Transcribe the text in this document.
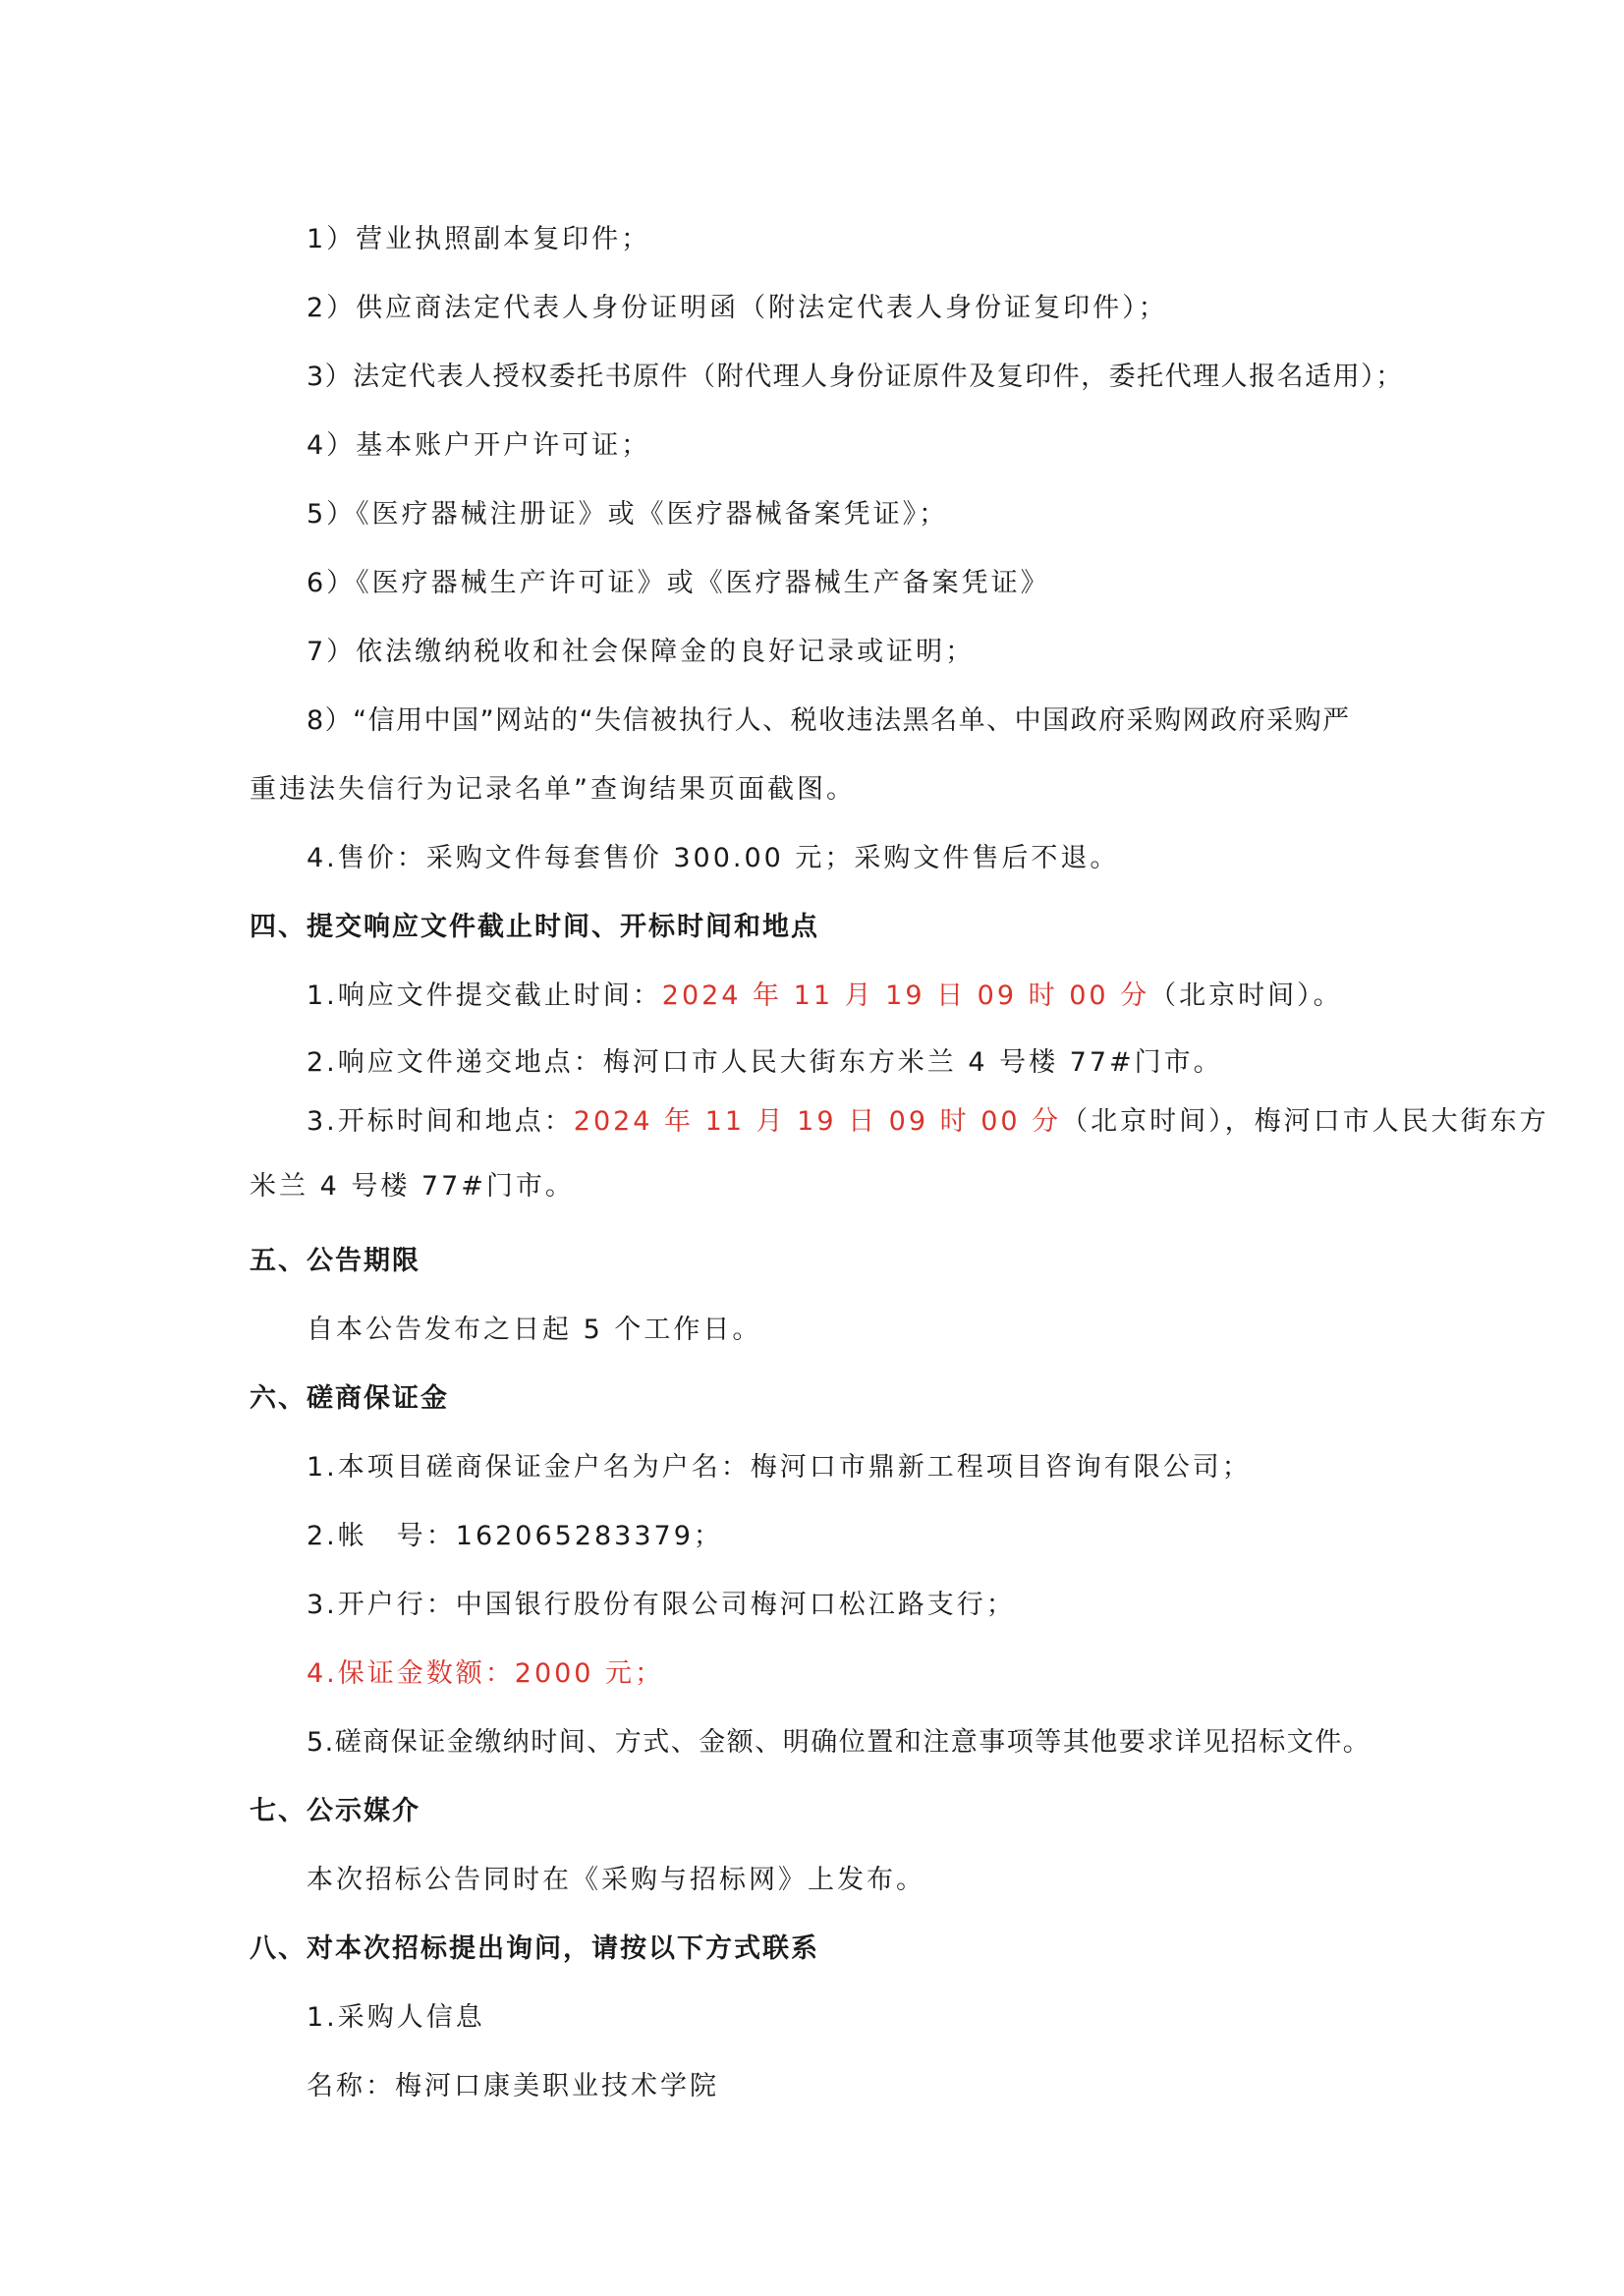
1）营业执照副本复印件；
2）供应商法定代表人身份证明函（附法定代表人身份证复印件）；
3）法定代表人授权委托书原件（附代理人身份证原件及复印件，委托代理人报名适用）；
4）基本账户开户许可证；
5）《医疗器械注册证》或《医疗器械备案凭证》；
6）《医疗器械生产许可证》或《医疗器械生产备案凭证》
7）依法缴纳税收和社会保障金的良好记录或证明；
8）“信用中国”网站的“失信被执行人、税收违法黑名单、中国政府采购网政府采购严
重违法失信行为记录名单”查询结果页面截图。
4.售价：采购文件每套售价 300.00 元；采购文件售后不退。
四、提交响应文件截止时间、开标时间和地点
1.响应文件提交截止时间：2024 年 11 月 19 日 09 时 00 分（北京时间）。
2.响应文件递交地点：梅河口市人民大街东方米兰 4 号楼 77#门市。
3.开标时间和地点：2024 年 11 月 19 日 09 时 00 分（北京时间），梅河口市人民大街东方
米兰 4 号楼 77#门市。
五、公告期限
自本公告发布之日起 5 个工作日。
六、磋商保证金
1.本项目磋商保证金户名为户名：梅河口市鼎新工程项目咨询有限公司；
2.帐　号：162065283379；
3.开户行：中国银行股份有限公司梅河口松江路支行；
4.保证金数额：2000 元；
5.磋商保证金缴纳时间、方式、金额、明确位置和注意事项等其他要求详见招标文件。
七、公示媒介
本次招标公告同时在《采购与招标网》上发布。
八、对本次招标提出询问，请按以下方式联系
1.采购人信息
名称：梅河口康美职业技术学院
